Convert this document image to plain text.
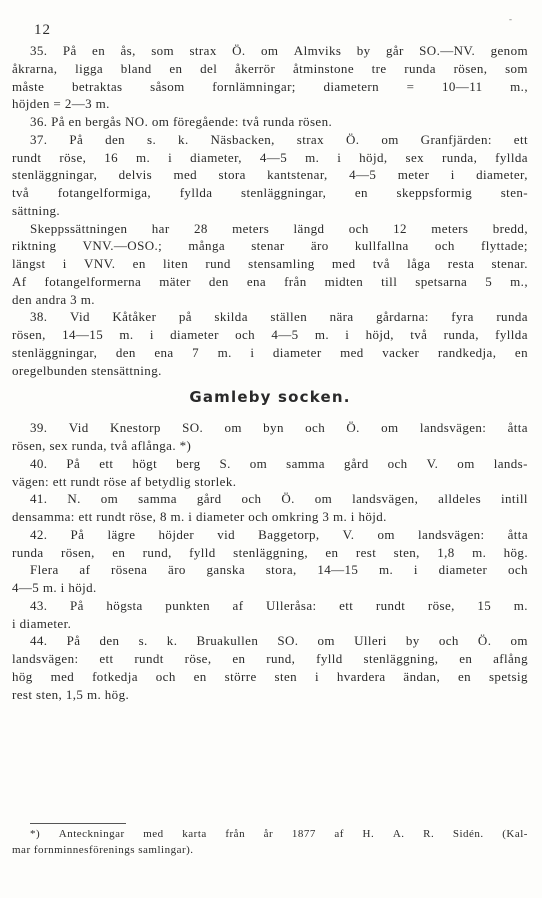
12
-
35. På en ås, som strax Ö. om Almviks by går SO.—NV. genom
åkrarna, ligga bland en del åkerrör åtminstone tre runda rösen, som
måste betraktas såsom fornlämningar; diametern = 10—11 m.,
höjden = 2—3 m.
36. På en bergås NO. om föregående: två runda rösen.
37. På den s. k. Näsbacken, strax Ö. om Granfjärden: ett
rundt röse, 16 m. i diameter, 4—5 m. i höjd, sex runda, fyllda
stenläggningar, delvis med stora kantstenar, 4—5 meter i diameter,
två fotangelformiga, fyllda stenläggningar, en skeppsformig sten-
sättning.
Skeppssättningen har 28 meters längd och 12 meters bredd,
riktning VNV.—OSO.; många stenar äro kullfallna och flyttade;
längst i VNV. en liten rund stensamling med två låga resta stenar.
Af fotangelformerna mäter den ena från midten till spetsarna 5 m.,
den andra 3 m.
38. Vid Kåtåker på skilda ställen nära gårdarna: fyra runda
rösen, 14—15 m. i diameter och 4—5 m. i höjd, två runda, fyllda
stenläggningar, den ena 7 m. i diameter med vacker randkedja, en
oregelbunden stensättning.
Gamleby socken.
39. Vid Knestorp SO. om byn och Ö. om landsvägen: åtta
rösen, sex runda, två aflånga. *)
40. På ett högt berg S. om samma gård och V. om lands-
vägen: ett rundt röse af betydlig storlek.
41. N. om samma gård och Ö. om landsvägen, alldeles intill
densamma: ett rundt röse, 8 m. i diameter och omkring 3 m. i höjd.
42. På lägre höjder vid Baggetorp, V. om landsvägen: åtta
runda rösen, en rund, fylld stenläggning, en rest sten, 1,8 m. hög.
Flera af rösena äro ganska stora, 14—15 m. i diameter och
4—5 m. i höjd.
43. På högsta punkten af Ulleråsa: ett rundt röse, 15 m.
i diameter.
44. På den s. k. Bruakullen SO. om Ulleri by och Ö. om
landsvägen: ett rundt röse, en rund, fylld stenläggning, en aflång
hög med fotkedja och en större sten i hvardera ändan, en spetsig
rest sten, 1,5 m. hög.
*) Anteckningar med karta från år 1877 af H. A. R. Sidén. (Kal-
mar fornminnesförenings samlingar).
